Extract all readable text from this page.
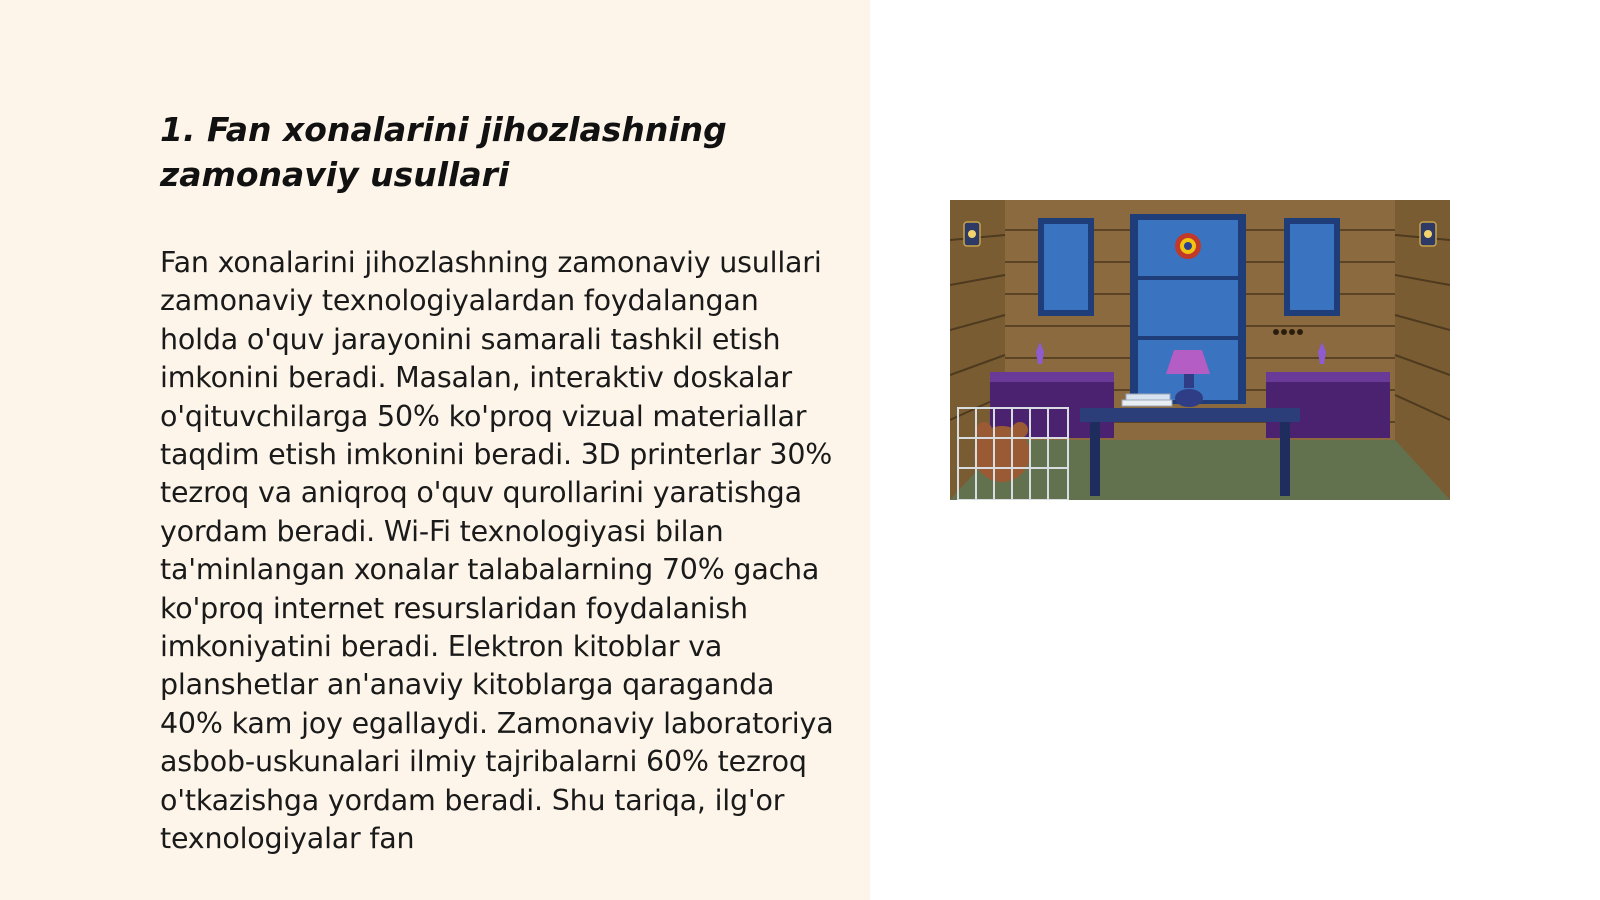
1. Fan xonalarini jihozlashning zamonaviy usullari

Fan xonalarini jihozlashning zamonaviy usullari zamonaviy texnologiyalardan foydalangan holda o'quv jarayonini samarali tashkil etish imkonini beradi. Masalan, interaktiv doskalar o'qituvchilarga 50% ko'proq vizual materiallar taqdim etish imkonini beradi. 3D printerlar 30% tezroq va aniqroq o'quv qurollarini yaratishga yordam beradi. Wi-Fi texnologiyasi bilan ta'minlangan xonalar talabalarning 70% gacha ko'proq internet resurslaridan foydalanish imkoniyatini beradi. Elektron kitoblar va planshetlar an'anaviy kitoblarga qaraganda 40% kam joy egallaydi. Zamonaviy laboratoriya asbob-uskunalari ilmiy tajribalarni 60% tezroq o'tkazishga yordam beradi. Shu tariqa, ilg'or texnologiyalar fan
